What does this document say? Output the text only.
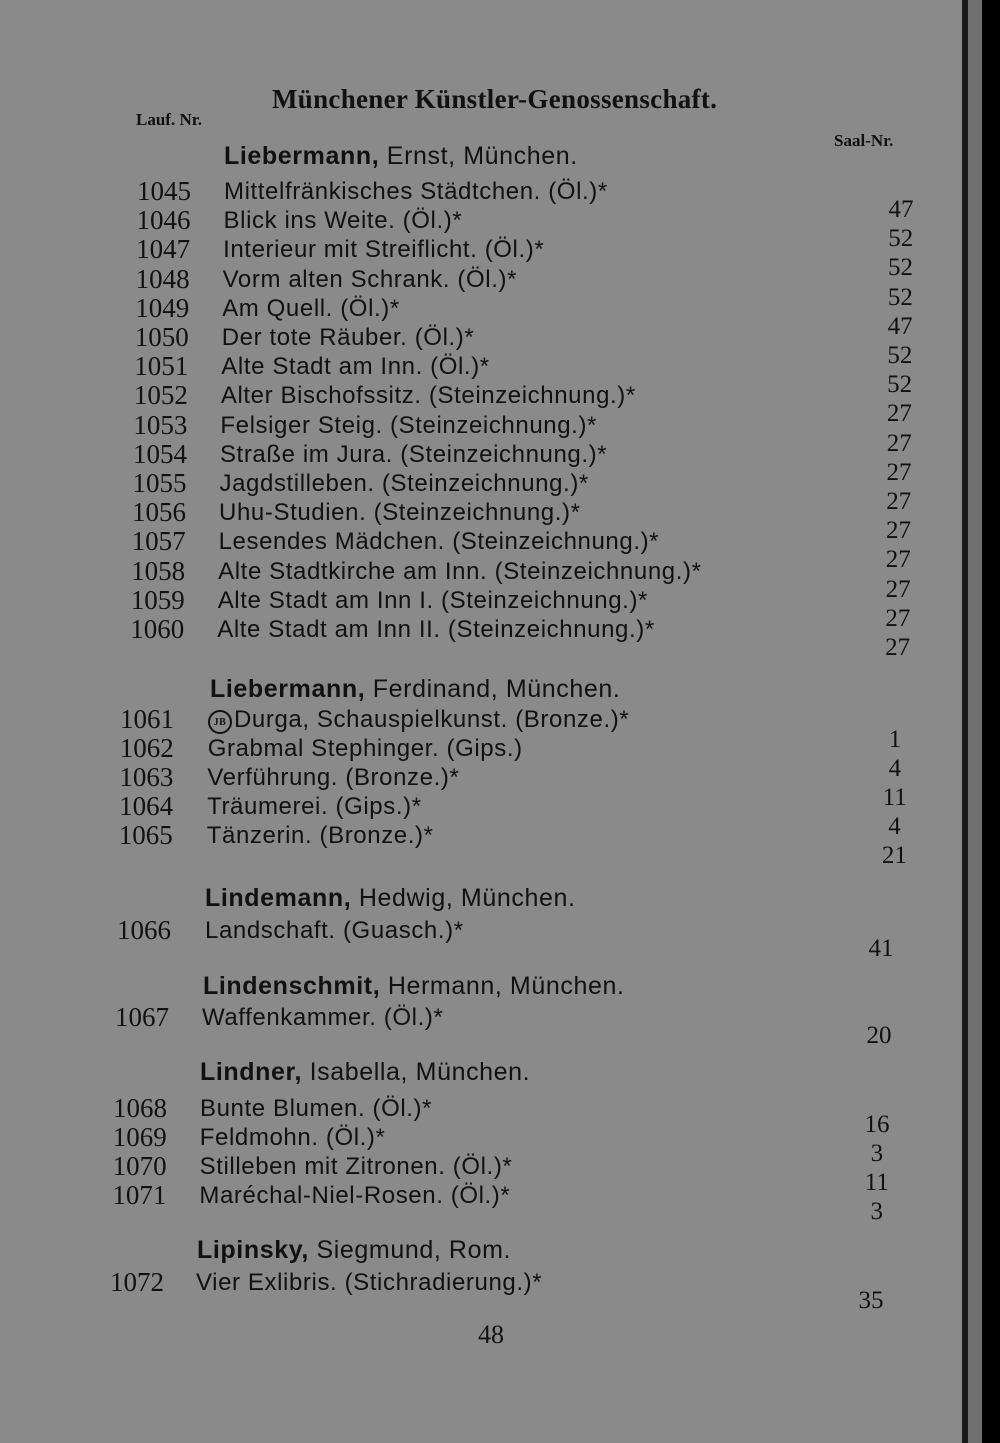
Münchener Künstler-Genossenschaft.
Lauf. Nr.
Saal-Nr.
Liebermann, Ernst, München.
1045 Mittelfränkisches Städtchen. (Öl.)*
47
1046 Blick ins Weite. (Öl.)*
52
1047 Interieur mit Streiflicht. (Öl.)*
52
1048 Vorm alten Schrank. (Öl.)*
52
1049 Am Quell. (Öl.)*
47
1050 Der tote Räuber. (Öl.)*
52
1051 Alte Stadt am Inn. (Öl.)*
52
1052 Alter Bischofssitz. (Steinzeichnung.)*
27
1053 Felsiger Steig. (Steinzeichnung.)*
27
1054 Straße im Jura. (Steinzeichnung.)*
27
1055 Jagdstilleben. (Steinzeichnung.)*
27
1056 Uhu-Studien. (Steinzeichnung.)*
27
1057 Lesendes Mädchen. (Steinzeichnung.)*
27
1058 Alte Stadtkirche am Inn. (Steinzeichnung.)*
27
1059 Alte Stadt am Inn I. (Steinzeichnung.)*
27
1060 Alte Stadt am Inn II. (Steinzeichnung.)*
27
Liebermann, Ferdinand, München.
1061	JB Durga, Schauspielkunst. (Bronze.)*
1
1062 Grabmal Stephinger. (Gips.)
4
1063 Verführung. (Bronze.)*
11
1064 Träumerei. (Gips.)*
4
1065 Tänzerin. (Bronze.)*
21
Lindemann, Hedwig, München.
1066 Landschaft. (Guasch.)*
41
Lindenschmit, Hermann, München.
1067 Waffenkammer. (Öl.)*
20
Lindner, Isabella, München.
1068 Bunte Blumen. (Öl.)*
16
1069 Feldmohn. (Öl.)*
3
1070 Stilleben mit Zitronen. (Öl.)*
11
1071 Maréchal-Niel-Rosen. (Öl.)*
3
Lipinsky, Siegmund, Rom.
1072 Vier Exlibris. (Stichradierung.)*
35
48
